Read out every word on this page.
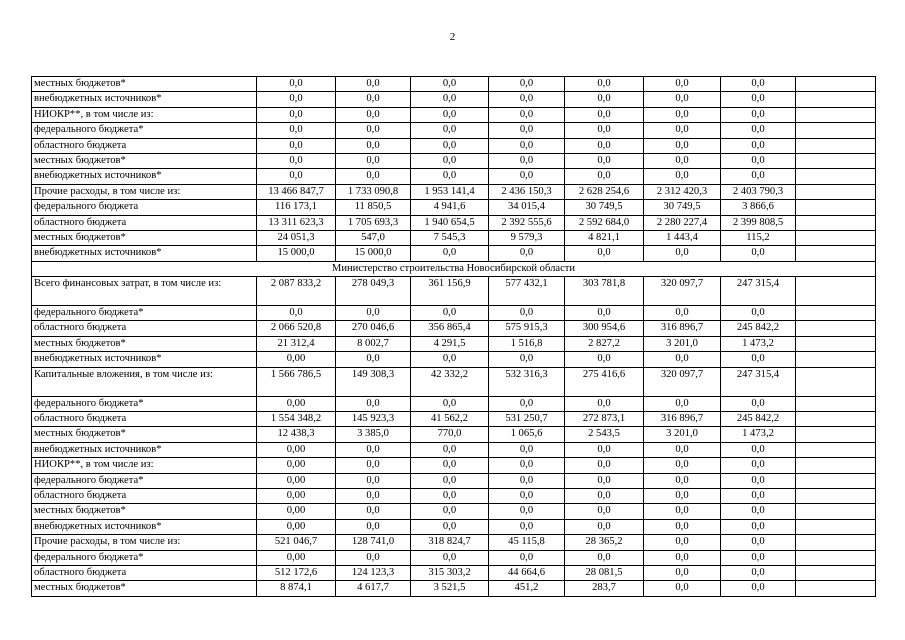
2
местных бюджетов*	0,0	0,0	0,0	0,0	0,0	0,0	0,0	
внебюджетных источников*	0,0	0,0	0,0	0,0	0,0	0,0	0,0	
НИОКР**, в том числе из:	0,0	0,0	0,0	0,0	0,0	0,0	0,0	
федерального бюджета*	0,0	0,0	0,0	0,0	0,0	0,0	0,0	
областного бюджета	0,0	0,0	0,0	0,0	0,0	0,0	0,0	
местных бюджетов*	0,0	0,0	0,0	0,0	0,0	0,0	0,0	
внебюджетных источников*	0,0	0,0	0,0	0,0	0,0	0,0	0,0	
Прочие расходы, в том числе из:	13 466 847,7	1 733 090,8	1 953 141,4	2 436 150,3	2 628 254,6	2 312 420,3	2 403 790,3	
федерального бюджета	116 173,1	11 850,5	4 941,6	34 015,4	30 749,5	30 749,5	3 866,6	
областного бюджета	13 311 623,3	1 705 693,3	1 940 654,5	2 392 555,6	2 592 684,0	2 280 227,4	2 399 808,5	
местных бюджетов*	24 051,3	547,0	7 545,3	9 579,3	4 821,1	1 443,4	115,2	
внебюджетных источников*	15 000,0	15 000,0	0,0	0,0	0,0	0,0	0,0	
Министерство строительства Новосибирской области								
Всего финансовых затрат, в том числе из:	2 087 833,2	278 049,3	361 156,9	577 432,1	303 781,8	320 097,7	247 315,4	
федерального бюджета*	0,0	0,0	0,0	0,0	0,0	0,0	0,0	
областного бюджета	2 066 520,8	270 046,6	356 865,4	575 915,3	300 954,6	316 896,7	245 842,2	
местных бюджетов*	21 312,4	8 002,7	4 291,5	1 516,8	2 827,2	3 201,0	1 473,2	
внебюджетных источников*	0,00	0,0	0,0	0,0	0,0	0,0	0,0	
Капитальные вложения, в том числе из:	1 566 786,5	149 308,3	42 332,2	532 316,3	275 416,6	320 097,7	247 315,4	
федерального бюджета*	0,00	0,0	0,0	0,0	0,0	0,0	0,0	
областного бюджета	1 554 348,2	145 923,3	41 562,2	531 250,7	272 873,1	316 896,7	245 842,2	
местных бюджетов*	12 438,3	3 385,0	770,0	1 065,6	2 543,5	3 201,0	1 473,2	
внебюджетных источников*	0,00	0,0	0,0	0,0	0,0	0,0	0,0	
НИОКР**, в том числе из:	0,00	0,0	0,0	0,0	0,0	0,0	0,0	
федерального бюджета*	0,00	0,0	0,0	0,0	0,0	0,0	0,0	
областного бюджета	0,00	0,0	0,0	0,0	0,0	0,0	0,0	
местных бюджетов*	0,00	0,0	0,0	0,0	0,0	0,0	0,0	
внебюджетных источников*	0,00	0,0	0,0	0,0	0,0	0,0	0,0	
Прочие расходы, в том числе из:	521 046,7	128 741,0	318 824,7	45 115,8	28 365,2	0,0	0,0	
федерального бюджета*	0,00	0,0	0,0	0,0	0,0	0,0	0,0	
областного бюджета	512 172,6	124 123,3	315 303,2	44 664,6	28 081,5	0,0	0,0	
местных бюджетов*	8 874,1	4 617,7	3 521,5	451,2	283,7	0,0	0,0	
